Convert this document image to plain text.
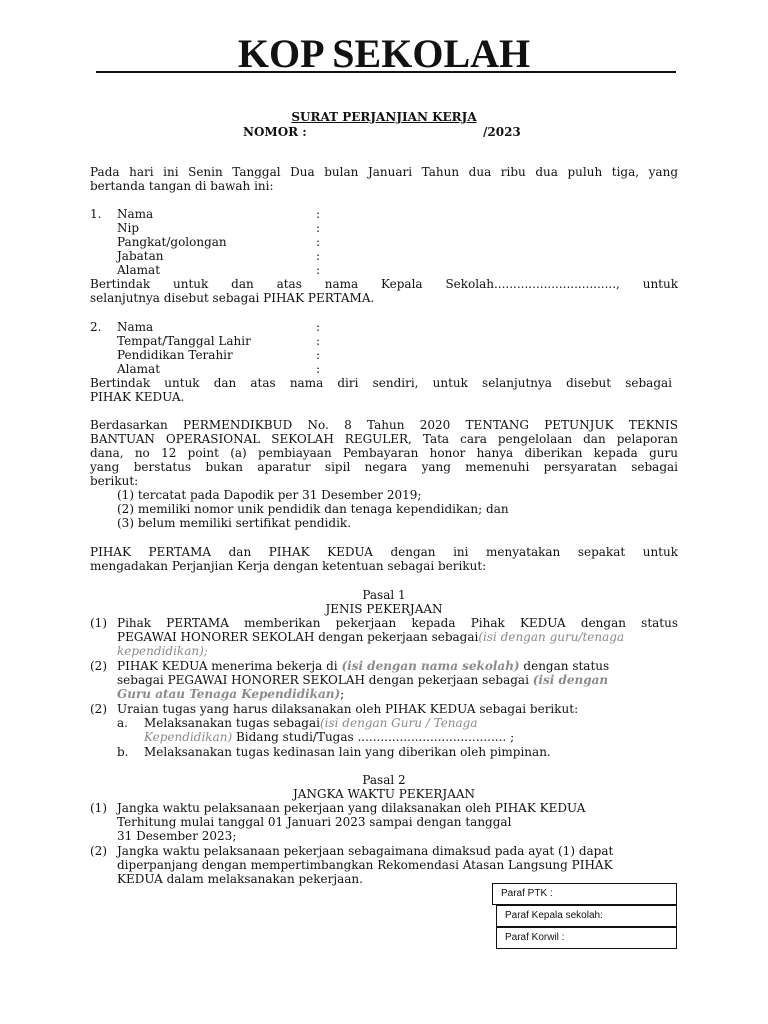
KOP SEKOLAH
SURAT PERJANJIAN KERJA
NOMOR :	/2023
Pada hari ini Senin Tanggal Dua bulan Januari Tahun dua ribu dua puluh tiga, yang
bertanda tangan di bawah ini:
1. Nama
Nip
Pangkat/golongan
Jabatan
Alamat
:
:
:
:
:
Bertindak untuk dan atas nama Kepala Sekolah................................, untuk
selanjutnya disebut sebagai PIHAK PERTAMA.
2. Nama
Tempat/Tanggal Lahir
Pendidikan Terahir
Alamat
:
:
:
:
Bertindak untuk dan atas nama diri sendiri, untuk selanjutnya disebut sebagai
PIHAK KEDUA.
Berdasarkan PERMENDIKBUD No. 8 Tahun 2020 TENTANG PETUNJUK TEKNIS
BANTUAN OPERASIONAL SEKOLAH REGULER, Tata cara pengelolaan dan pelaporan
dana, no 12 point (a) pembiayaan Pembayaran honor hanya diberikan kepada guru
yang berstatus bukan aparatur sipil negara yang memenuhi persyaratan sebagai
berikut:
(1) tercatat pada Dapodik per 31 Desember 2019;
(2) memiliki nomor unik pendidik dan tenaga kependidikan; dan
(3) belum memiliki sertifikat pendidik.
PIHAK PERTAMA dan PIHAK KEDUA dengan ini menyatakan sepakat untuk
mengadakan Perjanjian Kerja dengan ketentuan sebagai berikut:
Pasal 1
JENIS PEKERJAAN
(1) Pihak PERTAMA memberikan pekerjaan kepada Pihak KEDUA dengan status
PEGAWAI HONORER SEKOLAH dengan pekerjaan sebagai(isi dengan guru/tenaga
kependidikan);
(2) PIHAK KEDUA menerima bekerja di (isi dengan nama sekolah) dengan status
sebagai PEGAWAI HONORER SEKOLAH dengan pekerjaan sebagai (isi dengan
Guru atau Tenaga Kependidikan);
(2) Uraian tugas yang harus dilaksanakan oleh PIHAK KEDUA sebagai berikut:
a. Melaksanakan tugas sebagai(isi dengan Guru / Tenaga
Kependidikan) Bidang studi/Tugas ....................................... ;
b. Melaksanakan tugas kedinasan lain yang diberikan oleh pimpinan.
Pasal 2
JANGKA WAKTU PEKERJAAN
(1) Jangka waktu pelaksanaan pekerjaan yang dilaksanakan oleh PIHAK KEDUA
Terhitung mulai tanggal 01 Januari 2023 sampai dengan tanggal
31 Desember 2023;
(2) Jangka waktu pelaksanaan pekerjaan sebagaimana dimaksud pada ayat (1) dapat
diperpanjang dengan mempertimbangkan Rekomendasi Atasan Langsung PIHAK
KEDUA dalam melaksanakan pekerjaan.
Paraf PTK :
Paraf Kepala sekolah:
Paraf Korwil :
